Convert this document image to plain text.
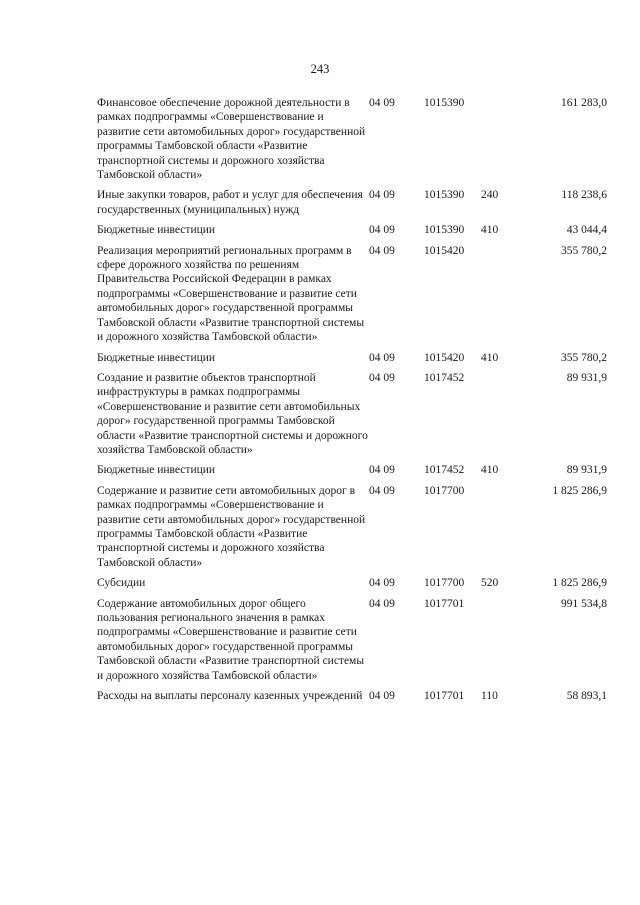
243
Финансовое обеспечение дорожной деятельности в рамках подпрограммы «Совершенствование и развитие сети автомобильных дорог» государственной программы Тамбовской области «Развитие транспортной системы и дорожного хозяйства Тамбовской области»	04 09	1015390		161 283,0
Иные закупки товаров, работ и услуг для обеспечения государственных (муниципальных) нужд	04 09	1015390	240	118 238,6
Бюджетные инвестиции	04 09	1015390	410	43 044,4
Реализация мероприятий региональных программ в сфере дорожного хозяйства по решениям Правительства Российской Федерации в рамках подпрограммы «Совершенствование и развитие сети автомобильных дорог» государственной программы Тамбовской области «Развитие транспортной системы и дорожного хозяйства Тамбовской области»	04 09	1015420		355 780,2
Бюджетные инвестиции	04 09	1015420	410	355 780,2
Создание и развитие объектов транспортной инфраструктуры в рамках подпрограммы «Совершенствование и развитие сети автомобильных дорог» государственной программы Тамбовской области «Развитие транспортной системы и дорожного хозяйства Тамбовской области»	04 09	1017452		89 931,9
Бюджетные инвестиции	04 09	1017452	410	89 931,9
Содержание и развитие сети автомобильных дорог в рамках подпрограммы «Совершенствование и развитие сети автомобильных дорог» государственной программы Тамбовской области «Развитие транспортной системы и дорожного хозяйства Тамбовской области»	04 09	1017700		1 825 286,9
Субсидии	04 09	1017700	520	1 825 286,9
Содержание автомобильных дорог общего пользования регионального значения в рамках подпрограммы «Совершенствование и развитие сети автомобильных дорог» государственной программы Тамбовской области «Развитие транспортной системы и дорожного хозяйства Тамбовской области»	04 09	1017701		991 534,8
Расходы на выплаты персоналу казенных учреждений	04 09	1017701	110	58 893,1
